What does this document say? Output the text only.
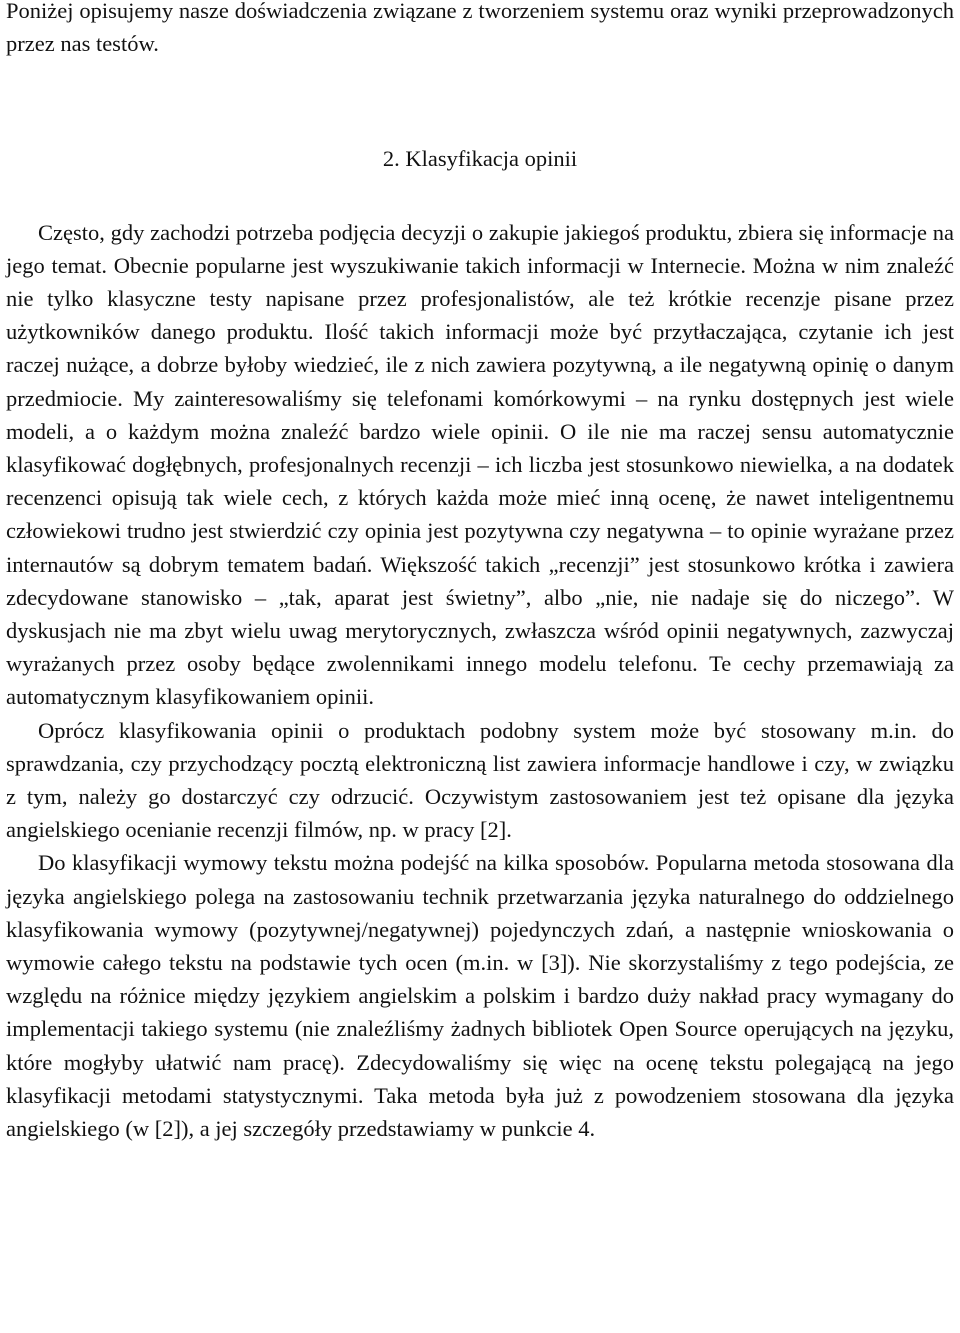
Poniżej opisujemy nasze doświadczenia związane z tworzeniem systemu oraz wyniki przeprowadzonych przez nas testów.

2. Klasyfikacja opinii

Często, gdy zachodzi potrzeba podjęcia decyzji o zakupie jakiegoś produktu, zbiera się informacje na jego temat. Obecnie popularne jest wyszukiwanie takich informacji w Internecie. Można w nim znaleźć nie tylko klasyczne testy napisane przez profesjonalistów, ale też krótkie recenzje pisane przez użytkowników danego produktu. Ilość takich informacji może być przytłaczająca, czytanie ich jest raczej nużące, a dobrze byłoby wiedzieć, ile z nich zawiera pozytywną, a ile negatywną opinię o danym przedmiocie. My zainteresowaliśmy się telefonami komórkowymi – na rynku dostępnych jest wiele modeli, a o każdym można znaleźć bardzo wiele opinii. O ile nie ma raczej sensu automatycznie klasyfikować dogłębnych, profesjonalnych recenzji – ich liczba jest stosunkowo niewielka, a na dodatek recenzenci opisują tak wiele cech, z których każda może mieć inną ocenę, że nawet inteligentnemu człowiekowi trudno jest stwierdzić czy opinia jest pozytywna czy negatywna – to opinie wyrażane przez internautów są dobrym tematem badań. Większość takich „recenzji” jest stosunkowo krótka i zawiera zdecydowane stanowisko – „tak, aparat jest świetny”, albo „nie, nie nadaje się do niczego”. W dyskusjach nie ma zbyt wielu uwag merytorycznych, zwłaszcza wśród opinii negatywnych, zazwyczaj wyrażanych przez osoby będące zwolennikami innego modelu telefonu. Te cechy przemawiają za automatycznym klasyfikowaniem opinii.

Oprócz klasyfikowania opinii o produktach podobny system może być stosowany m.in. do sprawdzania, czy przychodzący pocztą elektroniczną list zawiera informacje handlowe i czy, w związku z tym, należy go dostarczyć czy odrzucić. Oczywistym zastosowaniem jest też opisane dla języka angielskiego ocenianie recenzji filmów, np. w pracy [2].

Do klasyfikacji wymowy tekstu można podejść na kilka sposobów. Popularna metoda stosowana dla języka angielskiego polega na zastosowaniu technik przetwarzania języka naturalnego do oddzielnego klasyfikowania wymowy (pozytywnej/negatywnej) pojedynczych zdań, a następnie wnioskowania o wymowie całego tekstu na podstawie tych ocen (m.in. w [3]). Nie skorzystaliśmy z tego podejścia, ze względu na różnice między językiem angielskim a polskim i bardzo duży nakład pracy wymagany do implementacji takiego systemu (nie znaleźliśmy żadnych bibliotek Open Source operujących na języku, które mogłyby ułatwić nam pracę). Zdecydowaliśmy się więc na ocenę tekstu polegającą na jego klasyfikacji metodami statystycznymi. Taka metoda była już z powodzeniem stosowana dla języka angielskiego (w [2]), a jej szczegóły przedstawiamy w punkcie 4.
